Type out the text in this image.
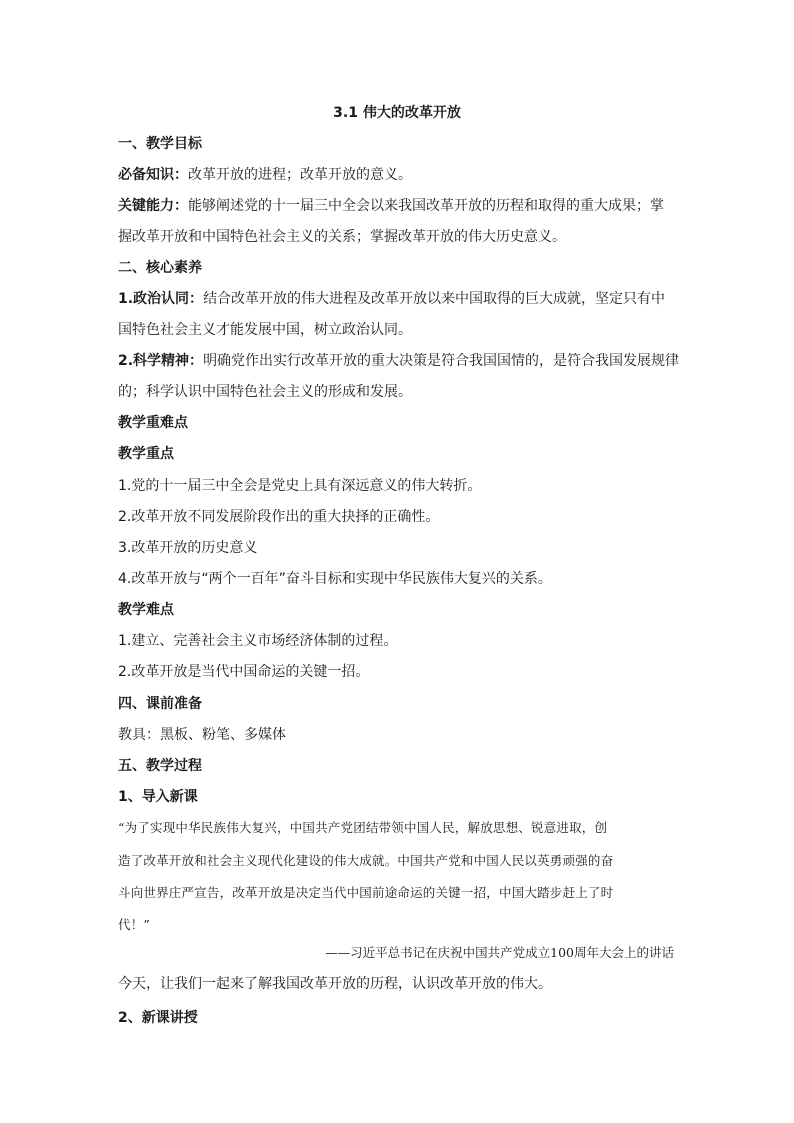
3.1 伟大的改革开放
一、教学目标
必备知识：改革开放的进程；改革开放的意义。
关键能力：能够阐述党的十一届三中全会以来我国改革开放的历程和取得的重大成果；掌
握改革开放和中国特色社会主义的关系；掌握改革开放的伟大历史意义。
二、核心素养
1.政治认同：结合改革开放的伟大进程及改革开放以来中国取得的巨大成就，坚定只有中
国特色社会主义才能发展中国，树立政治认同。
2.科学精神：明确党作出实行改革开放的重大决策是符合我国国情的，是符合我国发展规律
的；科学认识中国特色社会主义的形成和发展。
教学重难点
教学重点
1.党的十一届三中全会是党史上具有深远意义的伟大转折。
2.改革开放不同发展阶段作出的重大抉择的正确性。
3.改革开放的历史意义
4.改革开放与“两个一百年”奋斗目标和实现中华民族伟大复兴的关系。
教学难点
1.建立、完善社会主义市场经济体制的过程。
2.改革开放是当代中国命运的关键一招。
四、课前准备
教具：黑板、粉笔、多媒体
五、教学过程
1、导入新课
“为了实现中华民族伟大复兴，中国共产党团结带领中国人民，解放思想、锐意进取，创
造了改革开放和社会主义现代化建设的伟大成就。中国共产党和中国人民以英勇顽强的奋
斗向世界庄严宣告，改革开放是决定当代中国前途命运的关键一招，中国大踏步赶上了时
代！”
——习近平总书记在庆祝中国共产党成立100周年大会上的讲话
今天，让我们一起来了解我国改革开放的历程，认识改革开放的伟大。
2、新课讲授
